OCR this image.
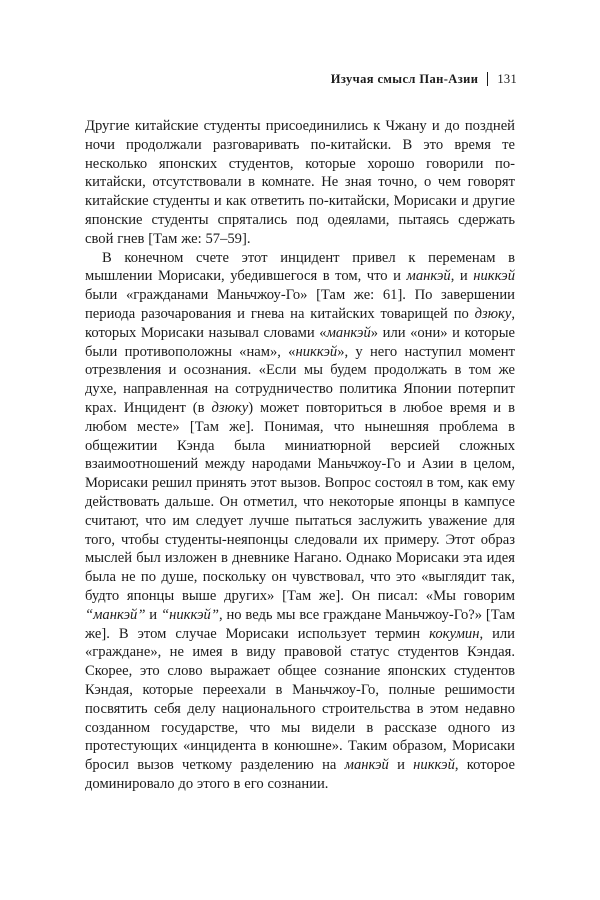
Изучая смысл Пан-Азии 131

Другие китайские студенты присоединились к Чжану и до поздней ночи продолжали разговаривать по-китайски. В это время те несколько японских студентов, которые хорошо говорили по-китайски, отсутствовали в комнате. Не зная точно, о чем говорят китайские студенты и как ответить по-китайски, Морисаки и другие японские студенты спрятались под одеялами, пытаясь сдержать свой гнев [Там же: 57–59].

В конечном счете этот инцидент привел к переменам в мышлении Морисаки, убедившегося в том, что и манкэй, и никкэй были «гражданами Маньчжоу-Го» [Там же: 61]. По завершении периода разочарования и гнева на китайских товарищей по дзюку, которых Морисаки называл словами «манкэй» или «они» и которые были противоположны «нам», «никкэй», у него наступил момент отрезвления и осознания. «Если мы будем продолжать в том же духе, направленная на сотрудничество политика Японии потерпит крах. Инцидент (в дзюку) может повториться в любое время и в любом месте» [Там же]. Понимая, что нынешняя проблема в общежитии Кэнда была миниатюрной версией сложных взаимоотношений между народами Маньчжоу-Го и Азии в целом, Морисаки решил принять этот вызов. Вопрос состоял в том, как ему действовать дальше. Он отметил, что некоторые японцы в кампусе считают, что им следует лучше пытаться заслужить уважение для того, чтобы студенты-неяпонцы следовали их примеру. Этот образ мыслей был изложен в дневнике Нагано. Однако Морисаки эта идея была не по душе, поскольку он чувствовал, что это «выглядит так, будто японцы выше других» [Там же]. Он писал: «Мы говорим “манкэй” и “никкэй”, но ведь мы все граждане Маньчжоу-Го?» [Там же]. В этом случае Морисаки использует термин кокумин, или «граждане», не имея в виду правовой статус студентов Кэндая. Скорее, это слово выражает общее сознание японских студентов Кэндая, которые переехали в Маньчжоу-Го, полные решимости посвятить себя делу национального строительства в этом недавно созданном государстве, что мы видели в рассказе одного из протестующих «инцидента в конюшне». Таким образом, Морисаки бросил вызов четкому разделению на манкэй и никкэй, которое доминировало до этого в его сознании.
